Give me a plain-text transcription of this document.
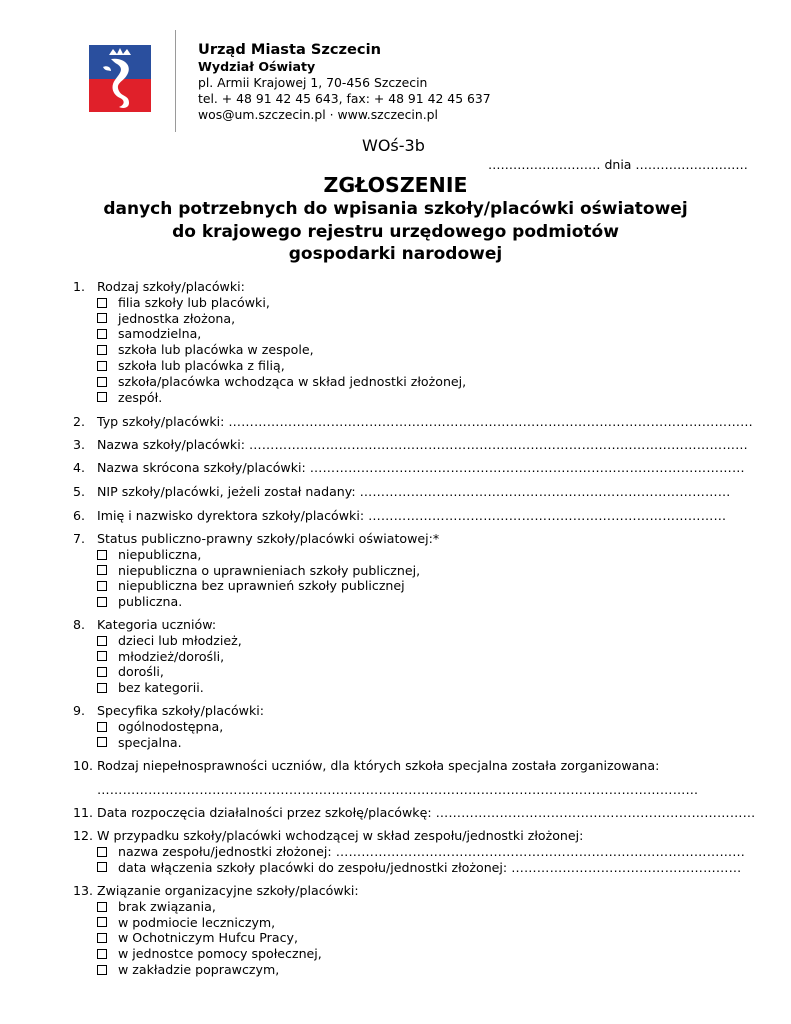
Urząd Miasta Szczecin
Wydział Oświaty
pl. Armii Krajowej 1, 70-456 Szczecin
tel. + 48 91 42 45 643, fax: + 48 91 42 45 637
wos@um.szczecin.pl · www.szczecin.pl
WOś-3b
……………………… dnia ………………………
ZGŁOSZENIE
danych potrzebnych do wpisania szkoły/placówki oświatowej
do krajowego rejestru urzędowego podmiotów
gospodarki narodowej
1. Rodzaj szkoły/placówki:
filia szkoły lub placówki,
jednostka złożona,
samodzielna,
szkoła lub placówka w zespole,
szkoła lub placówka z filią,
szkoła/placówka wchodząca w skład jednostki złożonej,
zespół.
2. Typ szkoły/placówki: ……………………………………………………………………………………………………………
3. Nazwa szkoły/placówki: ………………………………………………………………………………………………………
4. Nazwa skrócona szkoły/placówki: …………………………………………………………………………………………
5. NIP szkoły/placówki, jeżeli został nadany: ……………………………………………………………………………
6. Imię i nazwisko dyrektora szkoły/placówki: …………………………………………………………………………
7. Status publiczno-prawny szkoły/placówki oświatowej:*
niepubliczna,
niepubliczna o uprawnieniach szkoły publicznej,
niepubliczna bez uprawnień szkoły publicznej
publiczna.
8. Kategoria uczniów:
dzieci lub młodzież,
młodzież/dorośli,
dorośli,
bez kategorii.
9. Specyfika szkoły/placówki:
ogólnodostępna,
specjalna.
10. Rodzaj niepełnosprawności uczniów, dla których szkoła specjalna została zorganizowana:
……………………………………………………………………………………………………………………………
11. Data rozpoczęcia działalności przez szkołę/placówkę: …………………………………………………………………
12. W przypadku szkoły/placówki wchodzącej w skład zespołu/jednostki złożonej:
nazwa zespołu/jednostki złożonej:
……………………………………………………………………………………
data włączenia szkoły placówki do zespołu/jednostki złożonej:
………………………………………………
13. Związanie organizacyjne szkoły/placówki:
brak związania,
w podmiocie leczniczym,
w Ochotniczym Hufcu Pracy,
w jednostce pomocy społecznej,
w zakładzie poprawczym,
